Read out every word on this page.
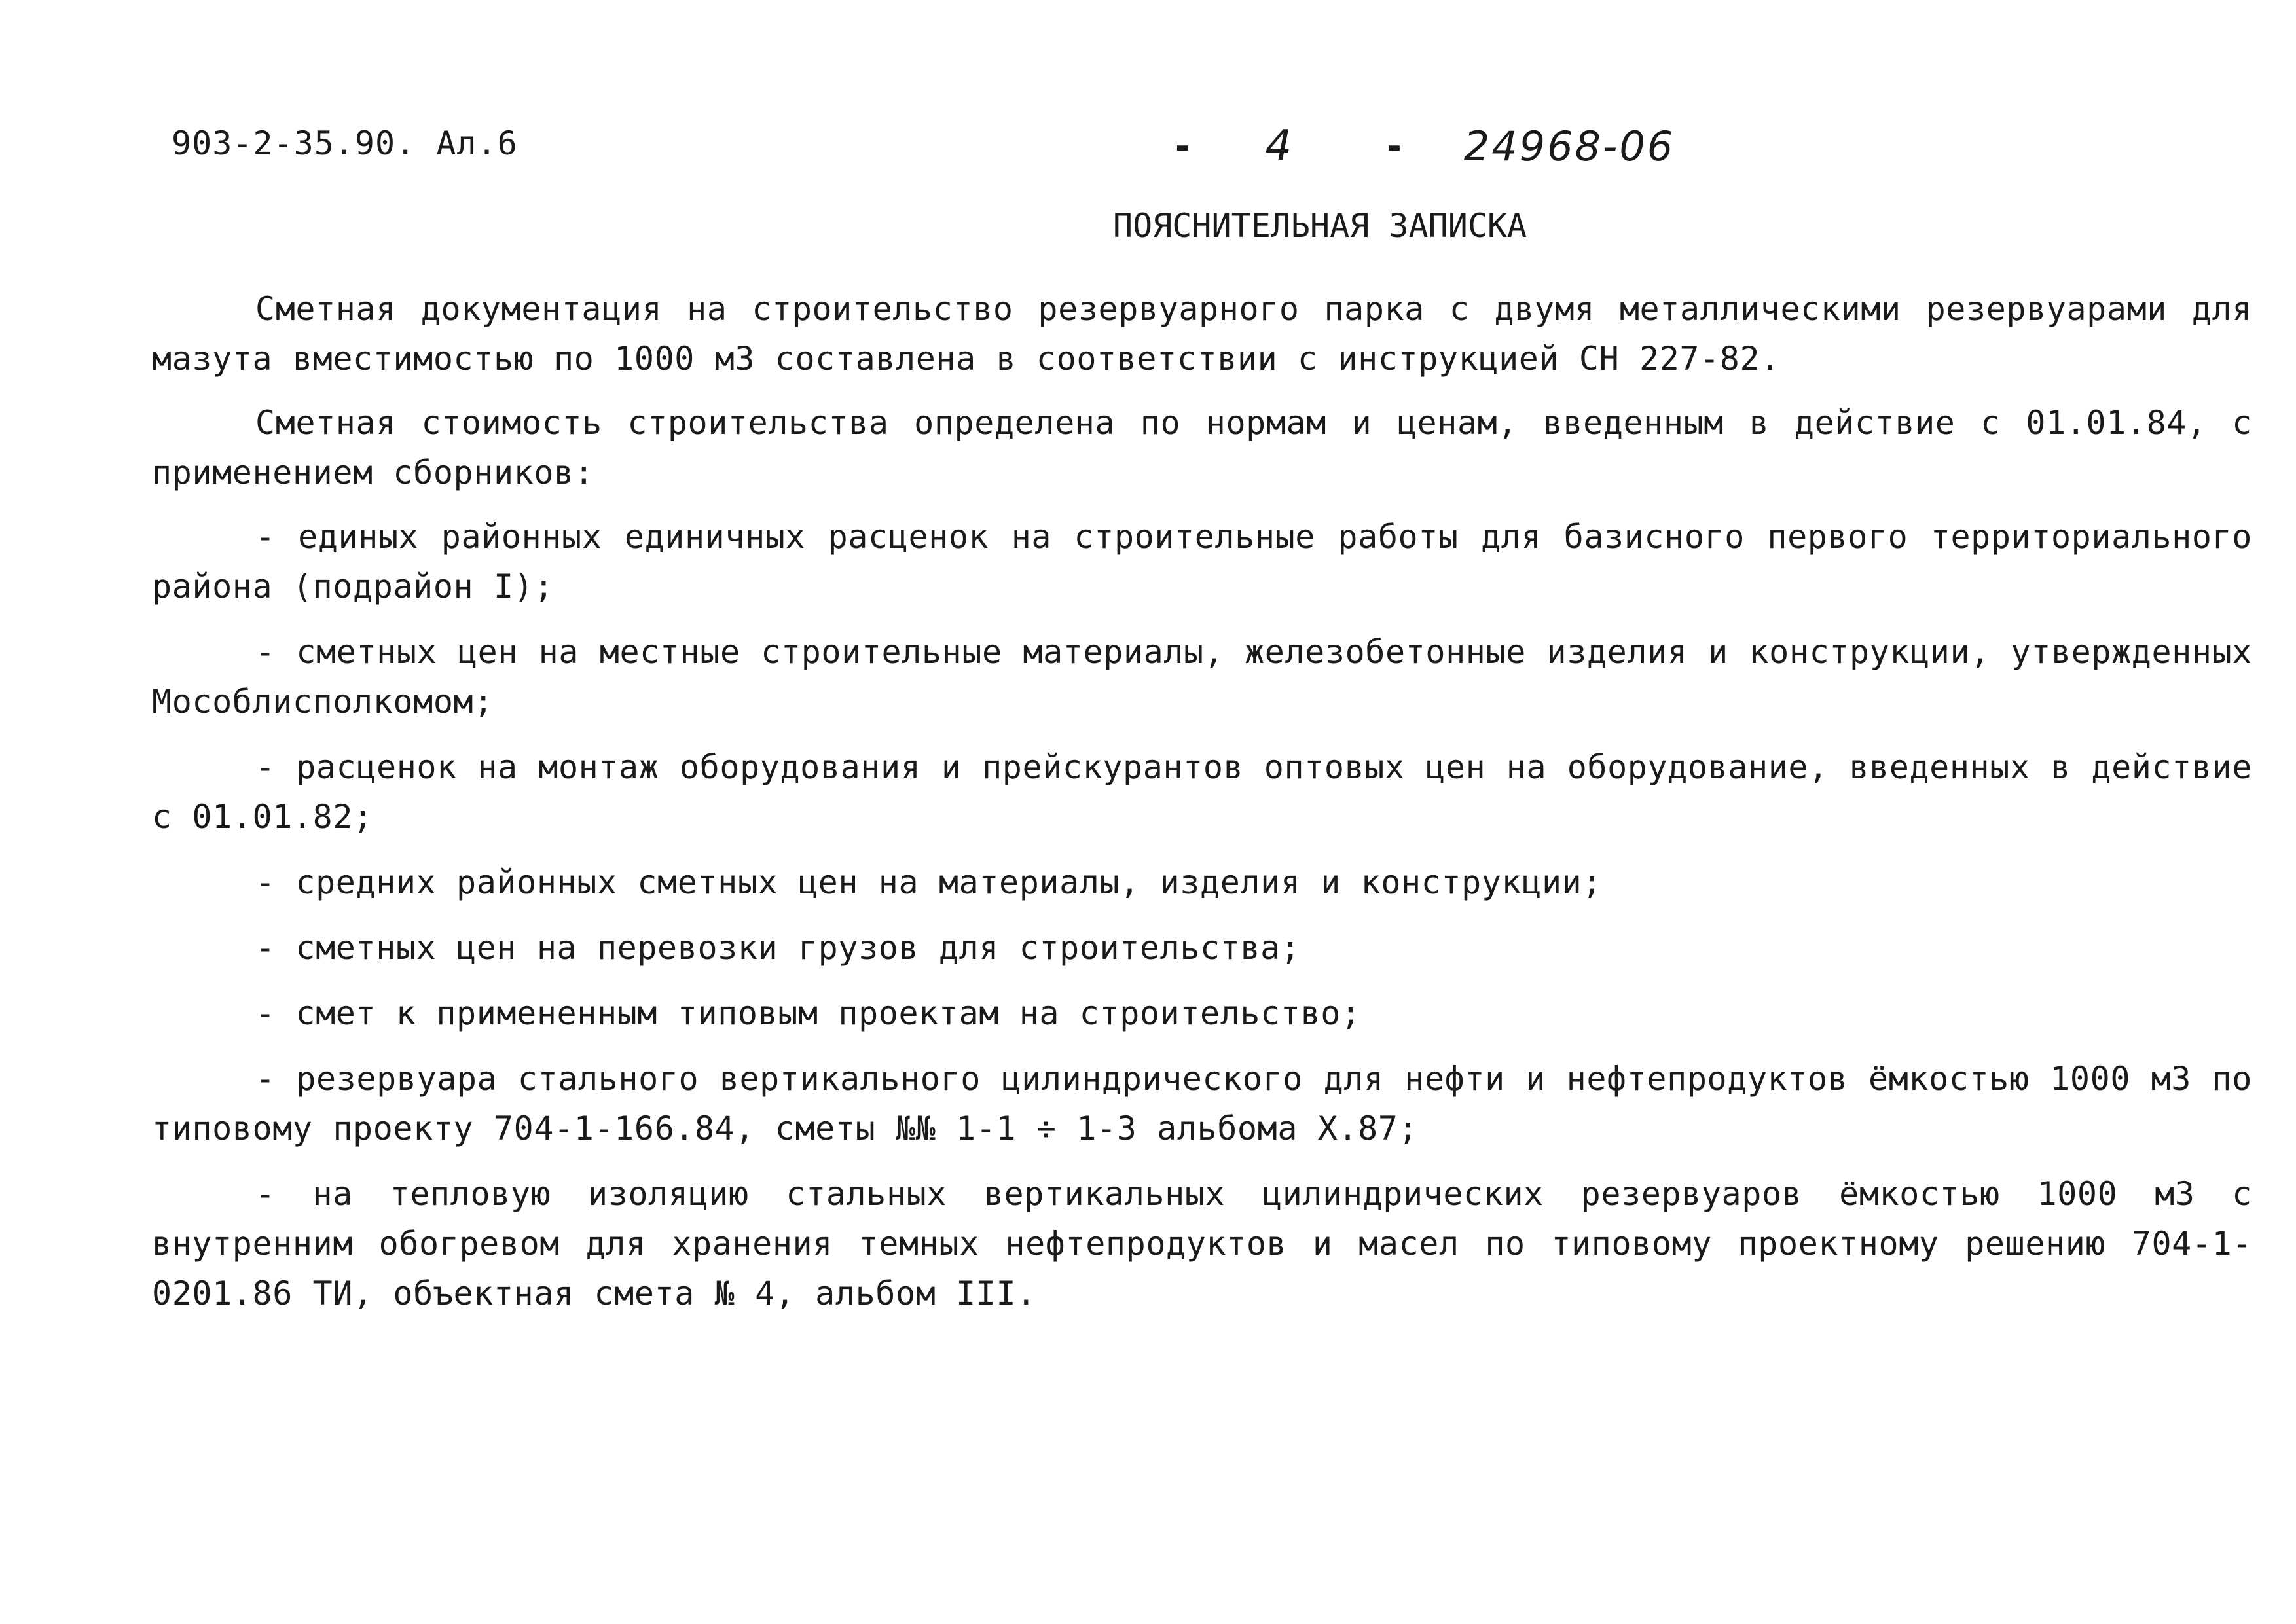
903-2-35.90. Ал.6	- 4	- 24968-06
ПОЯСНИТЕЛЬНАЯ ЗАПИСКА

Сметная документация на строительство резервуарного парка с двумя металлическими резервуарами для мазута вместимостью по 1000 м3 составлена в соответствии с инструкцией СН 227-82.

Сметная стоимость строительства определена по нормам и ценам, введенным в действие с 01.01.84, с применением сборников:

- единых районных единичных расценок на строительные работы для базисного первого территориального района (подрайон I);

- сметных цен на местные строительные материалы, железобетонные изделия и конструкции, утвержденных Мособлисполкомом;

- расценок на монтаж оборудования и прейскурантов оптовых цен на оборудование, введенных в действие с 01.01.82;

- средних районных сметных цен на материалы, изделия и конструкции;

- сметных цен на перевозки грузов для строительства;

- смет к примененным типовым проектам на строительство;

- резервуара стального вертикального цилиндрического для нефти и нефтепродуктов ёмкостью 1000 м3 по типовому проекту 704-1-166.84, сметы №№ 1-1 ÷ 1-3 альбома X.87;

- на тепловую изоляцию стальных вертикальных цилиндрических резервуаров ёмкостью 1000 м3 с внутренним обогревом для хранения темных нефтепродуктов и масел по типовому проектному решению 704-1-0201.86 ТИ, объектная смета № 4, альбом III.
